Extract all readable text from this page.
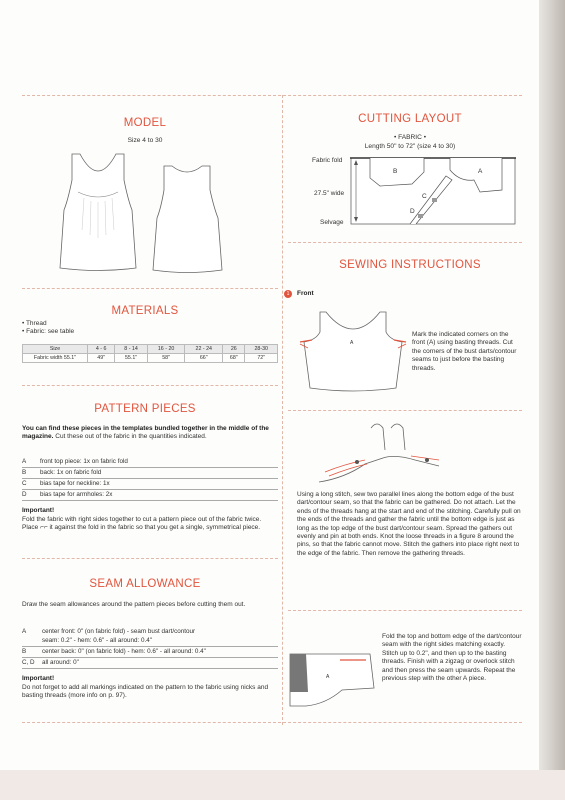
MODEL
Size 4 to 30
MATERIALS
• Thread
• Fabric: see table
Size	4 - 6	8 - 14	16 - 20	22 - 24	26	28-30
Fabric width 55.1"	49"	55.1"	58"	66"	68"	72"
PATTERN PIECES
You can find these pieces in the templates bundled together in the middle of the magazine. Cut these out of the fabric in the quantities indicated.
A front top piece: 1x on fabric fold
B back: 1x on fabric fold
C bias tape for neckline: 1x
D bias tape for armholes: 2x
Important!
Fold the fabric with right sides together to cut a pattern piece out of the fabric twice. Place ⌐⌐ it against the fold in the fabric so that you get a single, symmetrical piece.
SEAM ALLOWANCE
Draw the seam allowances around the pattern pieces before cutting them out.
A	center front: 0" (on fabric fold) - seam bust dart/contour
seam: 0.2" - hem: 0.6" - all around: 0.4"
B	center back: 0" (on fabric fold) - hem: 0.6" - all around: 0.4"
C, D all around: 0"
Important!
Do not forget to add all markings indicated on the pattern to the fabric using nicks and basting threads (more info on p. 97).
CUTTING LAYOUT
• FABRIC •
Length 50" to 72" (size 4 to 30)
Fabric fold
27.5" wide
Selvage
B	A
C
D
SEWING INSTRUCTIONS
1	Front
A
Mark the indicated corners on the front (A) using basting threads. Cut the corners of the bust darts/contour seams to just before the basting threads.
Using a long stitch, sew two parallel lines along the bottom edge of the bust dart/contour seam, so that the fabric can be gathered. Do not attach. Let the ends of the threads hang at the start and end of the stitching. Carefully pull on the ends of the threads and gather the fabric until the bottom edge is just as long as the top edge of the bust dart/contour seam. Spread the gathers out evenly and pin at both ends. Knot the loose threads in a figure 8 around the pins, so that the fabric cannot move. Stitch the gathers into place right next to the edge of the fabric. Then remove the gathering threads.
A
Fold the top and bottom edge of the dart/contour seam with the right sides matching exactly. Stitch up to 0.2", and then up to the basting threads. Finish with a zigzag or overlock stitch and then press the seam upwards. Repeat the previous step with the other A piece.
